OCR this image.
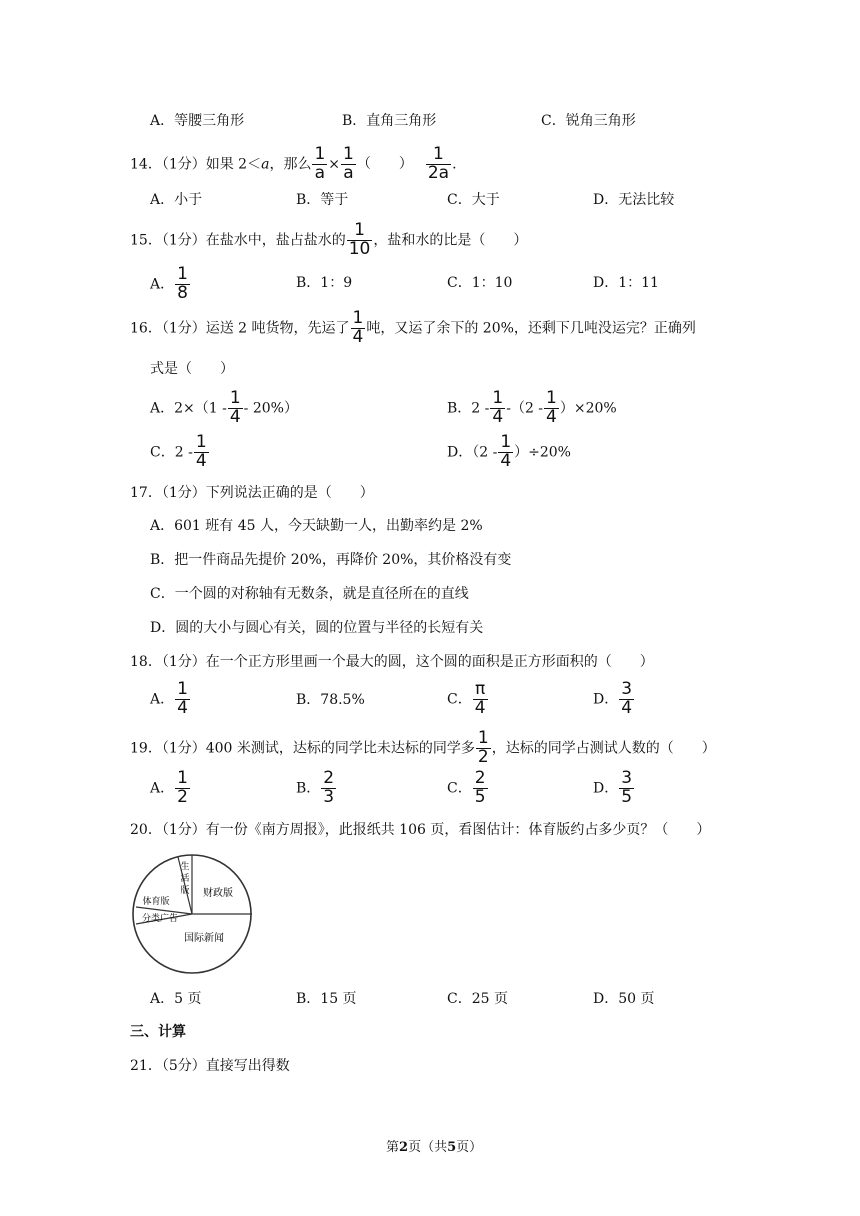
A．等腰三角形	B．直角三角形	C．锐角三角形
14．（1分）如果 2＜a，那么 $\frac{1}{a} \times \frac{1}{a}$ （　　） $\frac{1}{2a}$ .
A．小于	B．等于	C．大于	D．无法比较
15．（1分）在盐水中，盐占盐水的 $\frac{1}{10}$ ，盐和水的比是（　　）
A． $\frac{1}{8}$	B．1：9	C．1：10	D．1：11
16．（1分）运送 2 吨货物，先运了 $\frac{1}{4}$ 吨，又运了余下的 20%，还剩下几吨没运完？正确列
式是（　　）
A．$2\times(1 - \frac{1}{4} - 20\%)$	B．$2 - \frac{1}{4} -(2 - \frac{1}{4} )\times 20\%$
C．$2 - \frac{1}{4}$	D．$(2 - \frac{1}{4} )\div 20\%$
17．（1分）下列说法正确的是（　　）
A．601 班有 45 人，今天缺勤一人，出勤率约是 2%
B．把一件商品先提价 20%，再降价 20%，其价格没有变
C．一个圆的对称轴有无数条，就是直径所在的直线
D．圆的大小与圆心有关，圆的位置与半径的长短有关
18．（1分）在一个正方形里画一个最大的圆，这个圆的面积是正方形面积的（　　）
A． $\frac{1}{4}$	B．78.5%	C． $\frac{\pi}{4}$	D． $\frac{3}{4}$
19．（1分）400 米测试，达标的同学比未达标的同学多 $\frac{1}{2}$ ，达标的同学占测试人数的（　　）
A． $\frac{1}{2}$	B． $\frac{2}{3}$	C． $\frac{2}{5}$	D． $\frac{3}{5}$
20．（1分）有一份《南方周报》，此报纸共 106 页，看图估计：体育版约占多少页？（　　）
生
活
版 财政版
体育版
分类广告
国际新闻
A．5 页	B．15 页	C．25 页	D．50 页
三、计算
21．（5分）直接写出得数
第2页（共5页）
